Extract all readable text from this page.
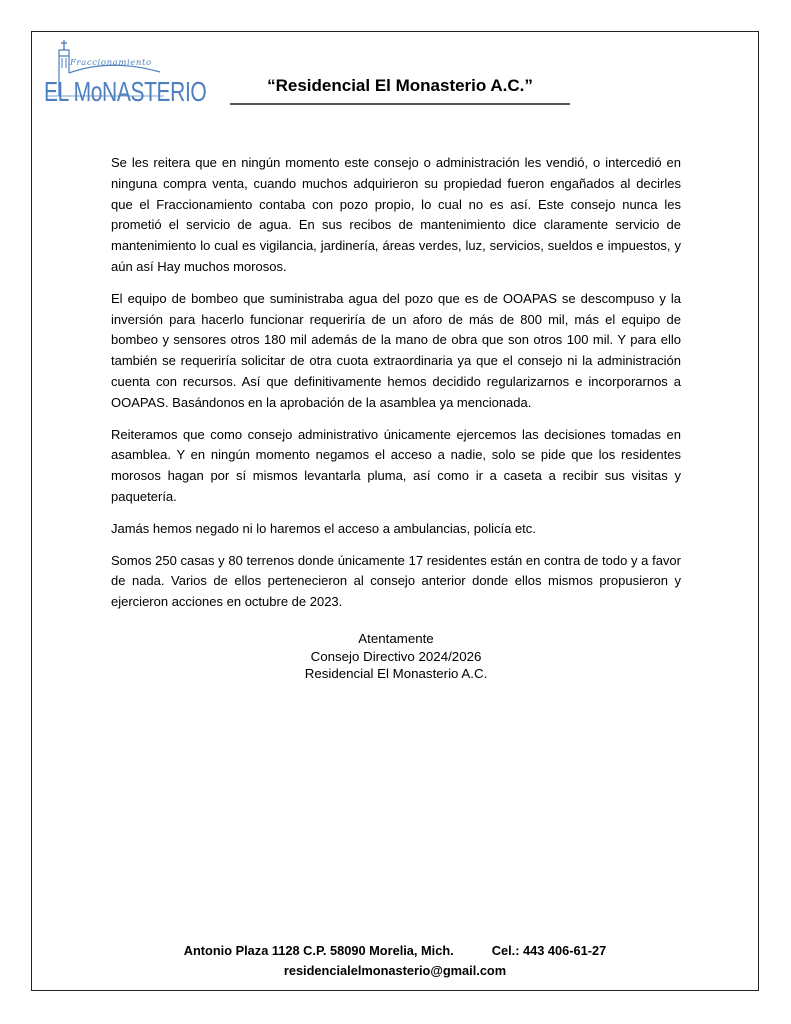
Fraccionamiento
EL MoNASTERIO	“Residencial El Monasterio A.C.”

Se les reitera que en ningún momento este consejo o administración les vendió, o intercedió en ninguna compra venta, cuando muchos adquirieron su propiedad fueron engañados al decirles que el Fraccionamiento contaba con pozo propio, lo cual no es así. Este consejo nunca les prometió el servicio de agua. En sus recibos de mantenimiento dice claramente servicio de mantenimiento lo cual es vigilancia, jardinería, áreas verdes, luz, servicios, sueldos e impuestos, y aún así Hay muchos morosos.

El equipo de bombeo que suministraba agua del pozo que es de OOAPAS se descompuso y la inversión para hacerlo funcionar requeriría de un aforo de más de 800 mil, más el equipo de bombeo y sensores otros 180 mil además de la mano de obra que son otros 100 mil. Y para ello también se requeriría solicitar de otra cuota extraordinaria ya que el consejo ni la administración cuenta con recursos. Así que definitivamente hemos decidido regularizarnos e incorporarnos a OOAPAS. Basándonos en la aprobación de la asamblea ya mencionada.

Reiteramos que como consejo administrativo únicamente ejercemos las decisiones tomadas en asamblea. Y en ningún momento negamos el acceso a nadie, solo se pide que los residentes morosos hagan por sí mismos levantarla pluma, así como ir a caseta a recibir sus visitas y paquetería.

Jamás hemos negado ni lo haremos el acceso a ambulancias, policía etc.

Somos 250 casas y 80 terrenos donde únicamente 17 residentes están en contra de todo y a favor de nada. Varios de ellos pertenecieron al consejo anterior donde ellos mismos propusieron y ejercieron acciones en octubre de 2023.

Atentamente
Consejo Directivo 2024/2026
Residencial El Monasterio A.C.
Antonio Plaza 1128 C.P. 58090 Morelia, Mich.	Cel.: 443 406-61-27
residencialelmonasterio@gmail.com
